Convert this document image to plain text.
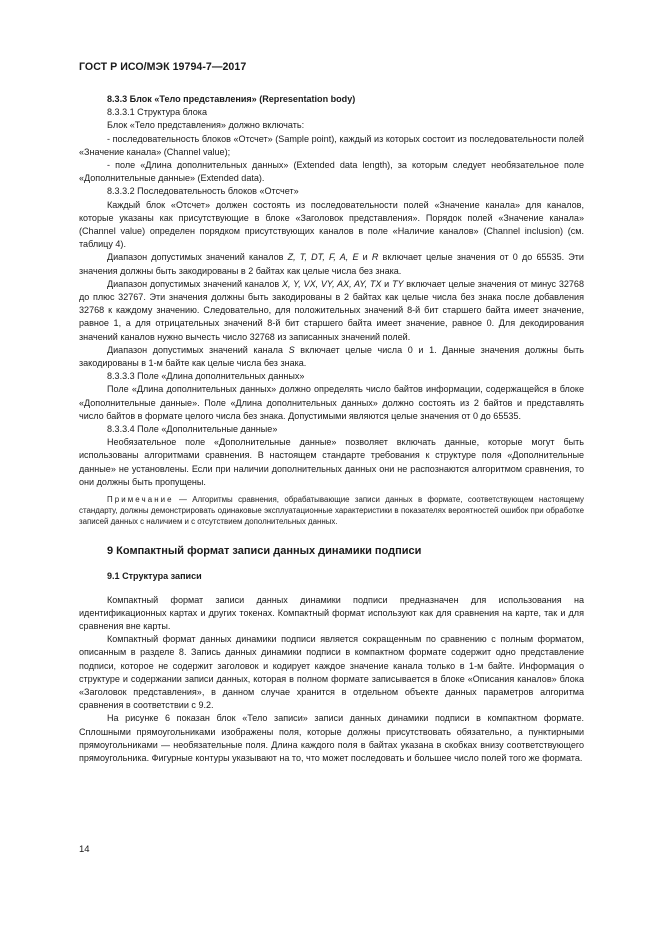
ГОСТ Р ИСО/МЭК 19794-7—2017

8.3.3 Блок «Тело представления» (Representation body)

8.3.3.1 Структура блока

Блок «Тело представления» должно включать:

- последовательность блоков «Отсчет» (Sample point), каждый из которых состоит из последовательности полей «Значение канала» (Channel value);

- поле «Длина дополнительных данных» (Extended data length), за которым следует необязательное поле «Дополнительные данные» (Extended data).

8.3.3.2 Последовательность блоков «Отсчет»

Каждый блок «Отсчет» должен состоять из последовательности полей «Значение канала» для каналов, которые указаны как присутствующие в блоке «Заголовок представления». Порядок полей «Значение канала» (Channel value) определен порядком присутствующих каналов в поле «Наличие каналов» (Channel inclusion) (см. таблицу 4).

Диапазон допустимых значений каналов Z, T, DT, F, A, E и R включает целые значения от 0 до 65535. Эти значения должны быть закодированы в 2 байтах как целые числа без знака.

Диапазон допустимых значений каналов X, Y, VX, VY, AX, AY, TX и TY включает целые значения от минус 32768 до плюс 32767. Эти значения должны быть закодированы в 2 байтах как целые числа без знака после добавления 32768 к каждому значению. Следовательно, для положительных значений 8-й бит старшего байта имеет значение, равное 1, а для отрицательных значений 8-й бит старшего байта имеет значение, равное 0. Для декодирования значений каналов нужно вычесть число 32768 из записанных значений полей.

Диапазон допустимых значений канала S включает целые числа 0 и 1. Данные значения должны быть закодированы в 1-м байте как целые числа без знака.

8.3.3.3 Поле «Длина дополнительных данных»

Поле «Длина дополнительных данных» должно определять число байтов информации, содержащейся в блоке «Дополнительные данные». Поле «Длина дополнительных данных» должно состоять из 2 байтов и представлять число байтов в формате целого числа без знака. Допустимыми являются целые значения от 0 до 65535.

8.3.3.4 Поле «Дополнительные данные»

Необязательное поле «Дополнительные данные» позволяет включать данные, которые могут быть использованы алгоритмами сравнения. В настоящем стандарте требования к структуре поля «Дополнительные данные» не установлены. Если при наличии дополнительных данных они не распознаются алгоритмом сравнения, то они должны быть пропущены.

Примечание — Алгоритмы сравнения, обрабатывающие записи данных в формате, соответствующем настоящему стандарту, должны демонстрировать одинаковые эксплуатационные характеристики в показателях вероятностей ошибок при обработке записей данных с наличием и с отсутствием дополнительных данных.

9 Компактный формат записи данных динамики подписи

9.1 Структура записи

Компактный формат записи данных динамики подписи предназначен для использования на идентификационных картах и других токенах. Компактный формат используют как для сравнения на карте, так и для сравнения вне карты.

Компактный формат данных динамики подписи является сокращенным по сравнению с полным форматом, описанным в разделе 8. Запись данных динамики подписи в компактном формате содержит одно представление подписи, которое не содержит заголовок и кодирует каждое значение канала только в 1-м байте. Информация о структуре и содержании записи данных, которая в полном формате записывается в блоке «Описания каналов» блока «Заголовок представления», в данном случае хранится в отдельном объекте данных параметров алгоритма сравнения в соответствии с 9.2.

На рисунке 6 показан блок «Тело записи» записи данных динамики подписи в компактном формате. Сплошными прямоугольниками изображены поля, которые должны присутствовать обязательно, а пунктирными прямоугольниками — необязательные поля. Длина каждого поля в байтах указана в скобках внизу соответствующего прямоугольника. Фигурные контуры указывают на то, что может последовать и большее число полей того же формата.

14
